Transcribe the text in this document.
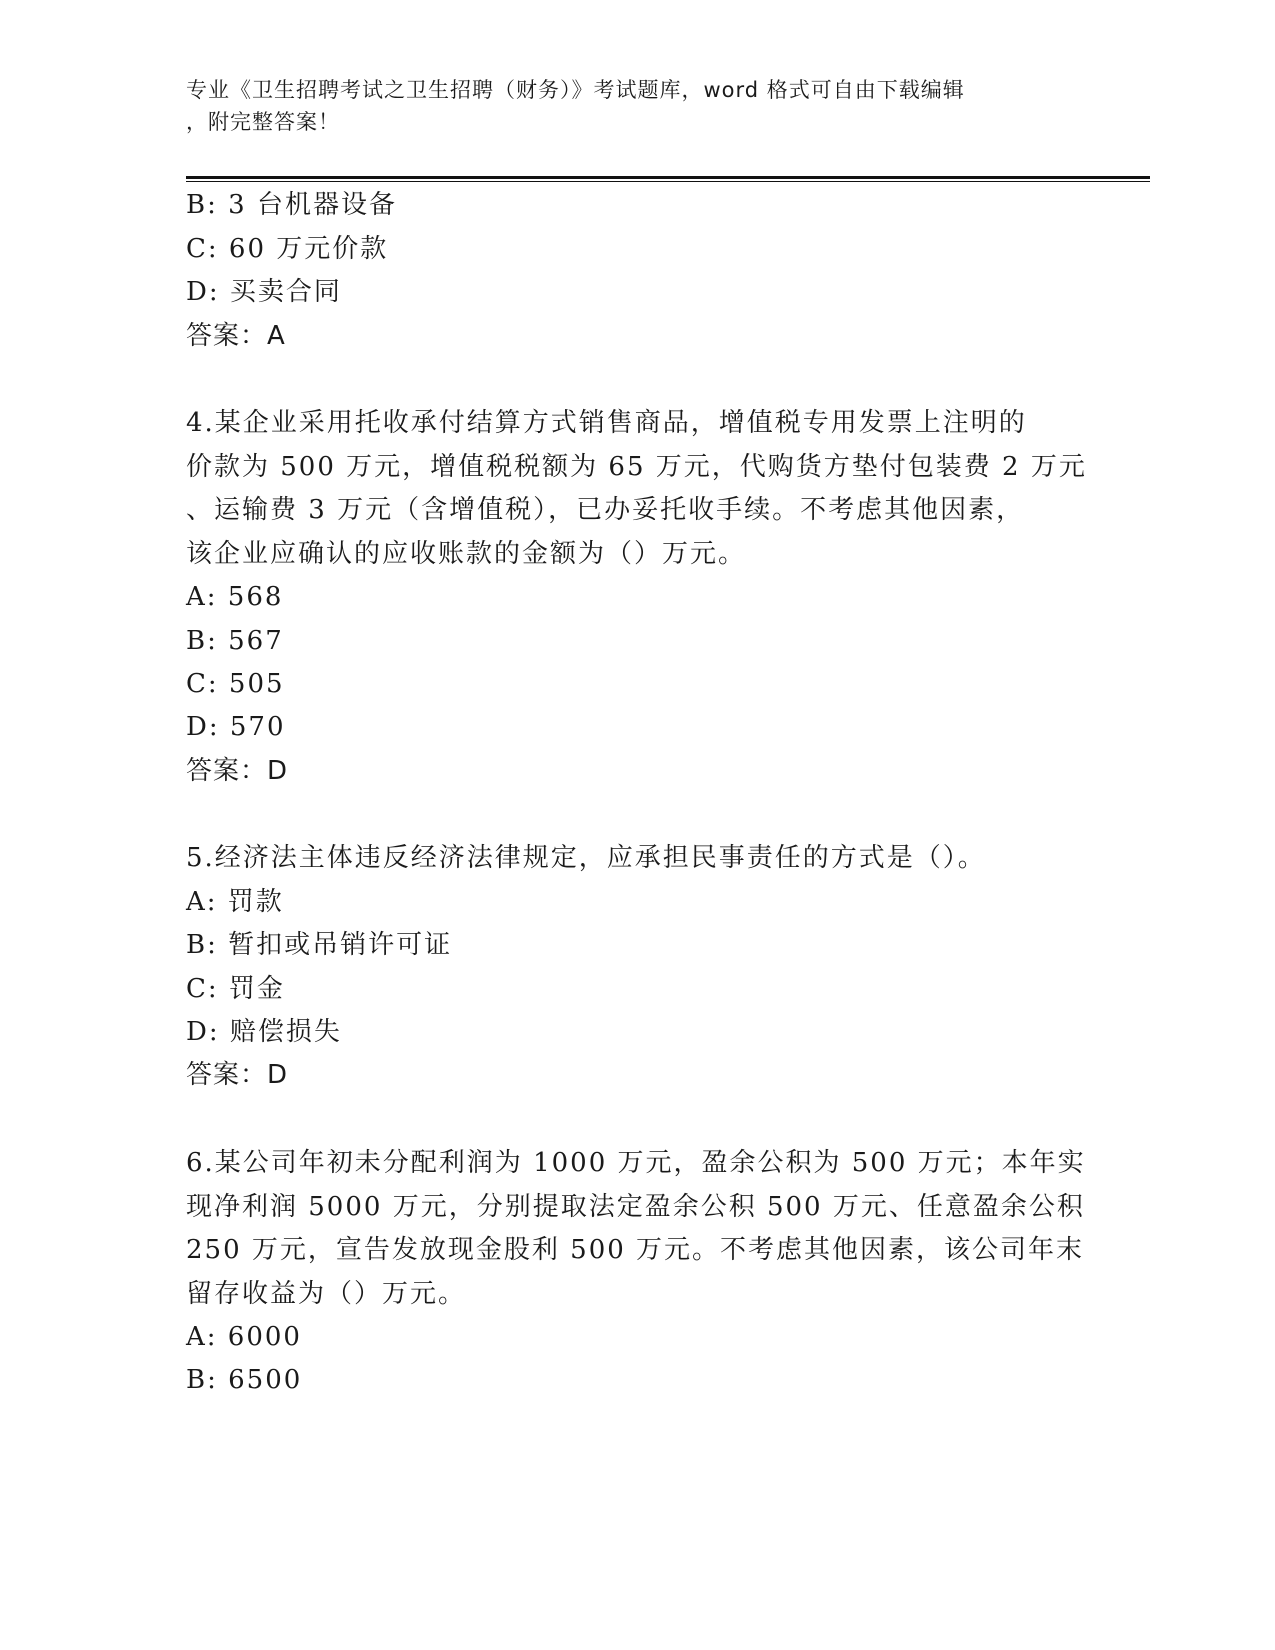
专业《卫生招聘考试之卫生招聘（财务）》考试题库，word 格式可自由下载编辑
，附完整答案！
B: 3 台机器设备
C: 60 万元价款
D: 买卖合同
答案：A
4.某企业采用托收承付结算方式销售商品，增值税专用发票上注明的
价款为 500 万元，增值税税额为 65 万元，代购货方垫付包装费 2 万元
、运输费 3 万元（含增值税），已办妥托收手续。不考虑其他因素，
该企业应确认的应收账款的金额为（）万元。
A: 568
B: 567
C: 505
D: 570
答案：D
5.经济法主体违反经济法律规定，应承担民事责任的方式是（）。
A: 罚款
B: 暂扣或吊销许可证
C: 罚金
D: 赔偿损失
答案：D
6.某公司年初未分配利润为 1000 万元，盈余公积为 500 万元；本年实
现净利润 5000 万元，分别提取法定盈余公积 500 万元、任意盈余公积
250 万元，宣告发放现金股利 500 万元。不考虑其他因素，该公司年末
留存收益为（）万元。
A: 6000
B: 6500
